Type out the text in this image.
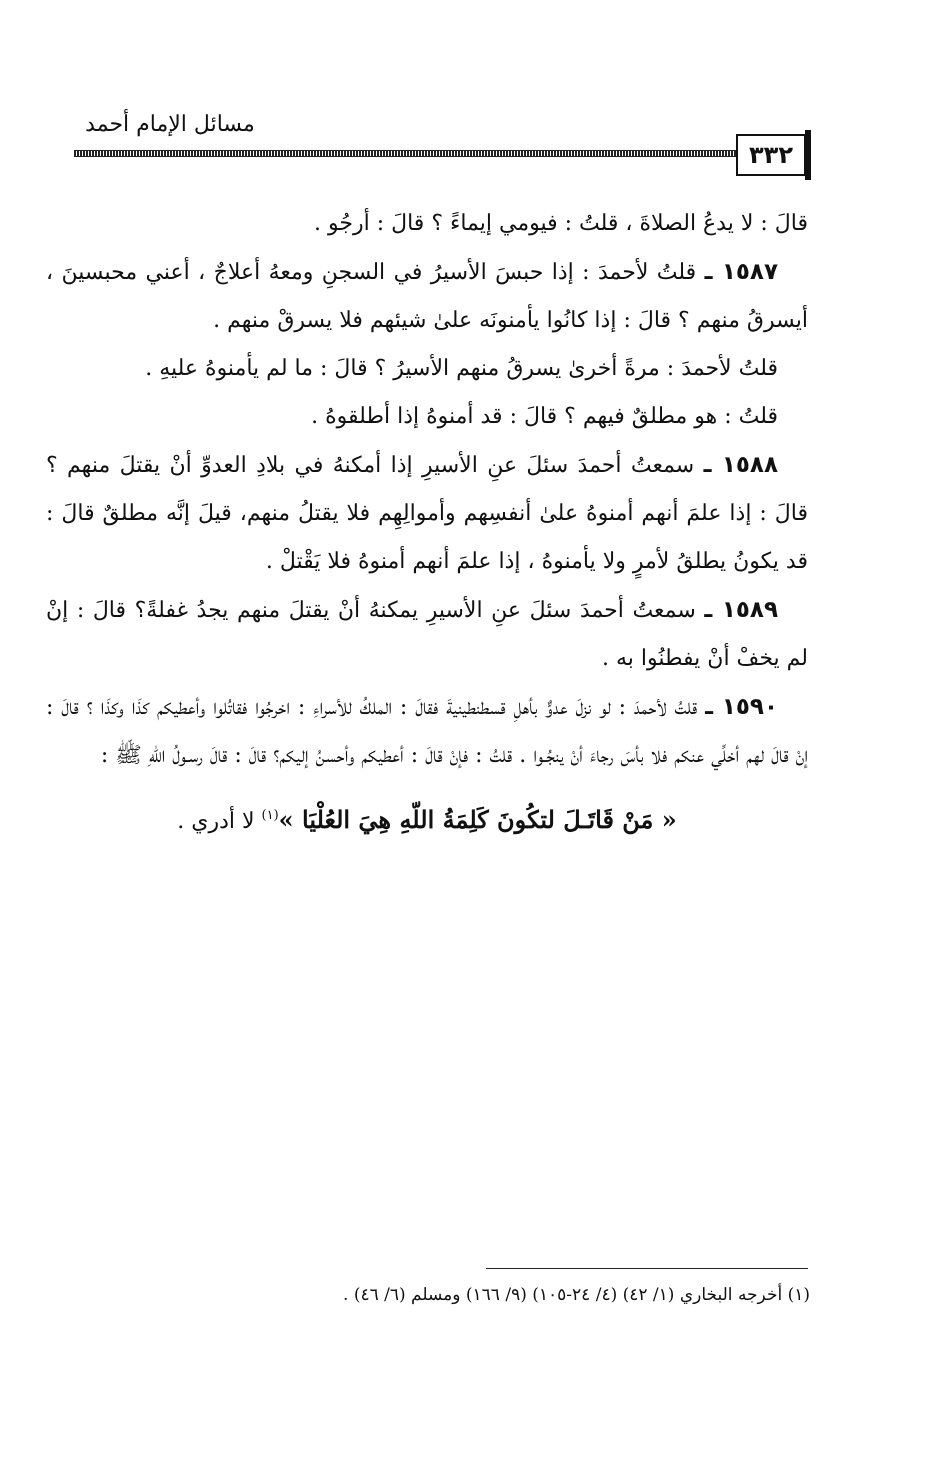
٣٣٢
مسائل الإمام أحمد

قالَ : لا يدعُ الصلاةَ ، قلتُ : فيومي إيماءً ؟ قالَ : أرجُو .

١٥٨٧ ـ قلتُ لأحمدَ : إذا حبسَ الأسيرُ في السجنِ ومعهُ أعلاجٌ ، أعني محبسينَ ، أيسرقُ منهم ؟ قالَ : إذا كانُوا يأمنونَه علىٰ شيئهم فلا يسرقْ منهم .

قلتُ لأحمدَ : مرةً أخرىٰ يسرقُ منهم الأسيرُ ؟ قالَ : ما لم يأمنوهُ عليهِ .

قلتُ : هو مطلقٌ فيهم ؟ قالَ : قد أمنوهُ إذا أطلقوهُ .

١٥٨٨ ـ سمعتُ أحمدَ سئلَ عنِ الأسيرِ إذا أمكنهُ في بلادِ العدوِّ أنْ يقتلَ منهم ؟ قالَ : إذا علمَ أنهم أمنوهُ علىٰ أنفسِهم وأموالِهِم فلا يقتلُ منهم، قيلَ إنَّه مطلقٌ قالَ : قد يكونُ يطلقُ لأمرٍ ولا يأمنوهُ ، إذا علمَ أنهم أمنوهُ فلا يَقْتلْ .

١٥٨٩ ـ سمعتُ أحمدَ سئلَ عنِ الأسيرِ يمكنهُ أنْ يقتلَ منهم يجدُ غفلةً؟ قالَ : إنْ لم يخفْ أنْ يفطنُوا به .

١٥٩٠ ـ قلتُ لأحمدَ : لو نزلَ عدوٌّ بأهلِ قسطنطينيةَ فقالَ : الملكُ للأسراءِ : اخرجُوا فقاتُلوا وأعطيكم كذَا وكذَا ؟ قالَ : إنْ قالَ لهم أخلِّي عنكم فلا بأسَ رجاءَ أنْ ينجُـوا . قلتُ : فإنْ قالَ : أعطيكم وأحسنُ إليكم؟ قالَ : قالَ رسـولُ اللّهِ ﷺ :

« مَنْ قَاتَـلَ لتكُونَ كَلِمَةُ اللّهِ هِيَ العُلْيَا »$^{(١)}$ لا أدري .

(١) أخرجه البخاري (١/ ٤٢) (٤/ ٢٤-١٠٥) (٩/ ١٦٦) ومسلم (٦/ ٤٦) .
